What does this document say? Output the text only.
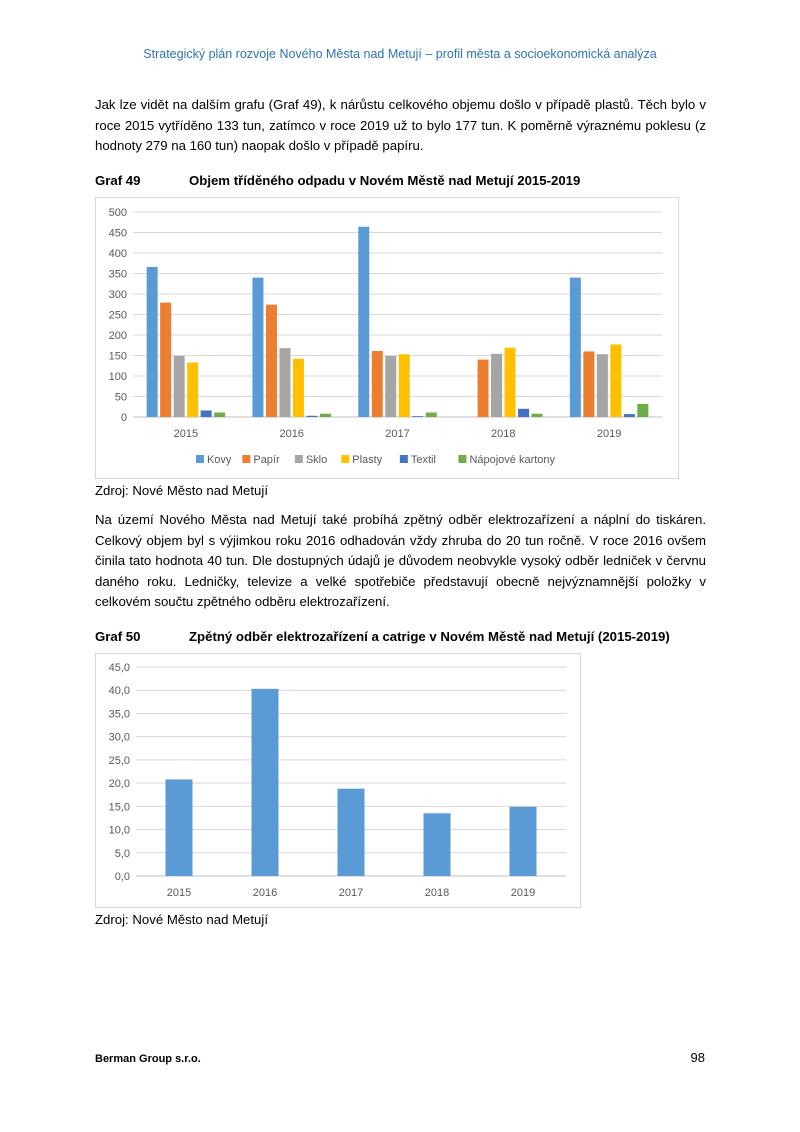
Strategický plán rozvoje Nového Města nad Metují – profil města a socioekonomická analýza

Jak lze vidět na dalším grafu (Graf 49), k nárůstu celkového objemu došlo v případě plastů. Těch bylo v roce 2015 vytříděno 133 tun, zatímco v roce 2019 už to bylo 177 tun. K poměrně výraznému poklesu (z hodnoty 279 na 160 tun) naopak došlo v případě papíru.

Graf 49	Objem tříděného odpadu v Novém Městě nad Metují 2015-2019
0
50
100
150
200
250
300
350
400
450
500
2015	2016	2017	2018	2019
Kovy Papír Sklo Plasty	Textil	Nápojové kartony
Zdroj: Nové Město nad Metují

Na území Nového Města nad Metují také probíhá zpětný odběr elektrozařízení a náplní do tiskáren. Celkový objem byl s výjimkou roku 2016 odhadován vždy zhruba do 20 tun ročně. V roce 2016 ovšem činila tato hodnota 40 tun. Dle dostupných údajů je důvodem neobvykle vysoký odběr ledniček v červnu daného roku. Ledničky, televize a velké spotřebiče představují obecně nejvýznamnější položky v celkovém součtu zpětného odběru elektrozařízení.

Graf 50	Zpětný odběr elektrozařízení a catrige v Novém Městě nad Metují (2015-2019)
0,0
5,0
10,0
15,0
20,0
25,0
30,0
35,0
40,0
45,0
2015	2016	2017	2018	2019
Zdroj: Nové Město nad Metují
Berman Group s.r.o.	98
